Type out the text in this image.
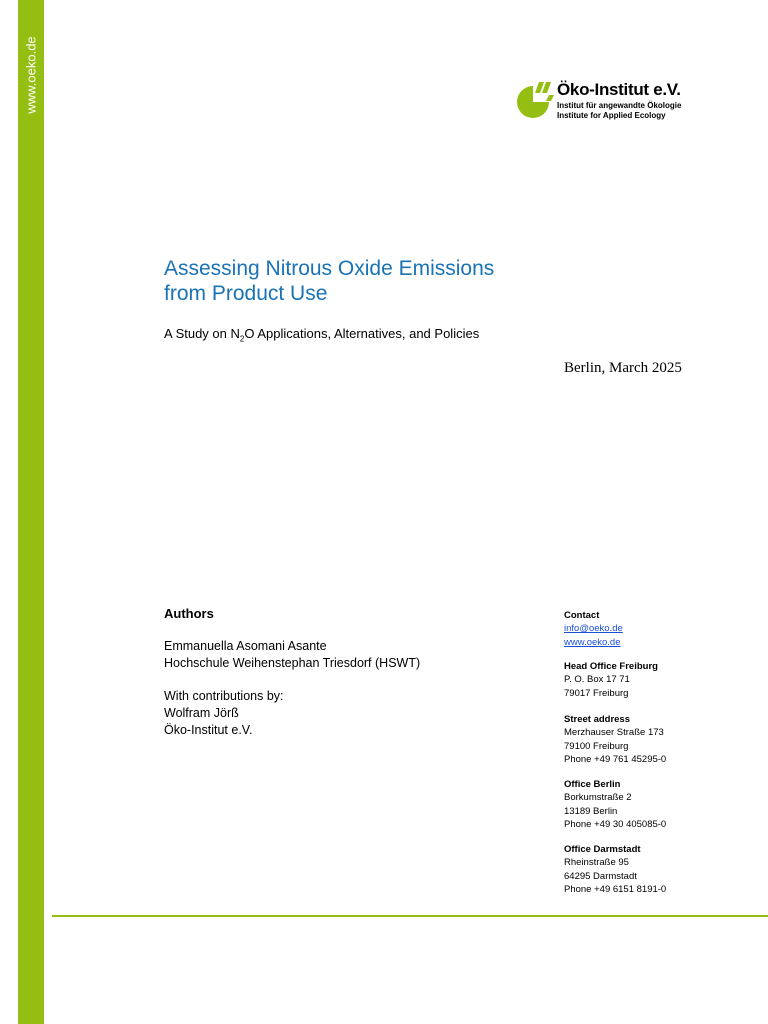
www.oeko.de	Öko-Institut e.V.
Institut für angewandte Ökologie
Institute for Applied Ecology
Assessing Nitrous Oxide Emissions
from Product Use
A Study on $N_2O$ Applications, Alternatives, and Policies
Berlin, March 2025
Authors
Emmanuella Asomani Asante
Hochschule Weihenstephan Triesdorf (HSWT)
With contributions by:
Wolfram Jörß
Öko-Institut e.V.
Contact
info@oeko.de
www.oeko.de
Head Office Freiburg
P. O. Box 17 71
79017 Freiburg
Street address
Merzhauser Straße 173
79100 Freiburg
Phone +49 761 45295-0
Office Berlin
Borkumstraße 2
13189 Berlin
Phone +49 30 405085-0
Office Darmstadt
Rheinstraße 95
64295 Darmstadt
Phone +49 6151 8191-0
